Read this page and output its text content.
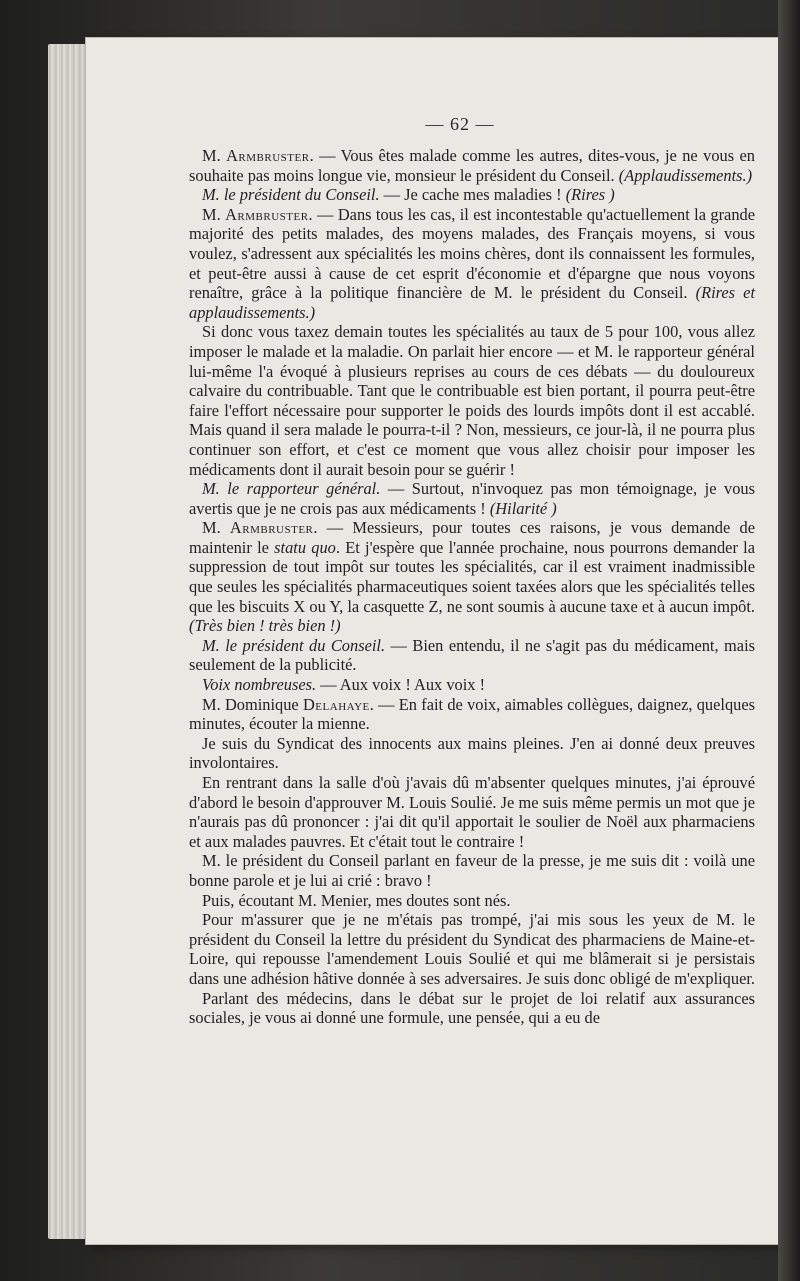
— 62 —

M. Armbruster. — Vous êtes malade comme les autres, dites-vous, je ne vous en souhaite pas moins longue vie, monsieur le président du Conseil. (Applaudissements.)

M. le président du Conseil. — Je cache mes maladies ! (Rires )

M. Armbruster. — Dans tous les cas, il est incontestable qu'actuellement la grande majorité des petits malades, des moyens malades, des Français moyens, si vous voulez, s'adressent aux spécialités les moins chères, dont ils connaissent les formules, et peut-être aussi à cause de cet esprit d'économie et d'épargne que nous voyons renaître, grâce à la politique financière de M. le président du Conseil. (Rires et applaudissements.)

Si donc vous taxez demain toutes les spécialités au taux de 5 pour 100, vous allez imposer le malade et la maladie. On parlait hier encore — et M. le rapporteur général lui-même l'a évoqué à plusieurs reprises au cours de ces débats — du douloureux calvaire du contribuable. Tant que le contribuable est bien portant, il pourra peut-être faire l'effort nécessaire pour supporter le poids des lourds impôts dont il est accablé. Mais quand il sera malade le pourra-t-il ? Non, messieurs, ce jour-là, il ne pourra plus continuer son effort, et c'est ce moment que vous allez choisir pour imposer les médicaments dont il aurait besoin pour se guérir !

M. le rapporteur général. — Surtout, n'invoquez pas mon témoignage, je vous avertis que je ne crois pas aux médicaments ! (Hilarité )

M. Armbruster. — Messieurs, pour toutes ces raisons, je vous demande de maintenir le statu quo. Et j'espère que l'année prochaine, nous pourrons demander la suppression de tout impôt sur toutes les spécialités, car il est vraiment inadmissible que seules les spécialités pharmaceutiques soient taxées alors que les spécialités telles que les biscuits X ou Y, la casquette Z, ne sont soumis à aucune taxe et à aucun impôt. (Très bien ! très bien !)

M. le président du Conseil. — Bien entendu, il ne s'agit pas du médicament, mais seulement de la publicité.

Voix nombreuses. — Aux voix ! Aux voix !

M. Dominique Delahaye. — En fait de voix, aimables collègues, daignez, quelques minutes, écouter la mienne.

Je suis du Syndicat des innocents aux mains pleines. J'en ai donné deux preuves involontaires.

En rentrant dans la salle d'où j'avais dû m'absenter quelques minutes, j'ai éprouvé d'abord le besoin d'approuver M. Louis Soulié. Je me suis même permis un mot que je n'aurais pas dû prononcer : j'ai dit qu'il apportait le soulier de Noël aux pharmaciens et aux malades pauvres. Et c'était tout le contraire !

M. le président du Conseil parlant en faveur de la presse, je me suis dit : voilà une bonne parole et je lui ai crié : bravo !

Puis, écoutant M. Menier, mes doutes sont nés.

Pour m'assurer que je ne m'étais pas trompé, j'ai mis sous les yeux de M. le président du Conseil la lettre du président du Syndicat des pharmaciens de Maine-et-Loire, qui repousse l'amendement Louis Soulié et qui me blâmerait si je persistais dans une adhésion hâtive donnée à ses adversaires. Je suis donc obligé de m'expliquer.

Parlant des médecins, dans le débat sur le projet de loi relatif aux assurances sociales, je vous ai donné une formule, une pensée, qui a eu de
